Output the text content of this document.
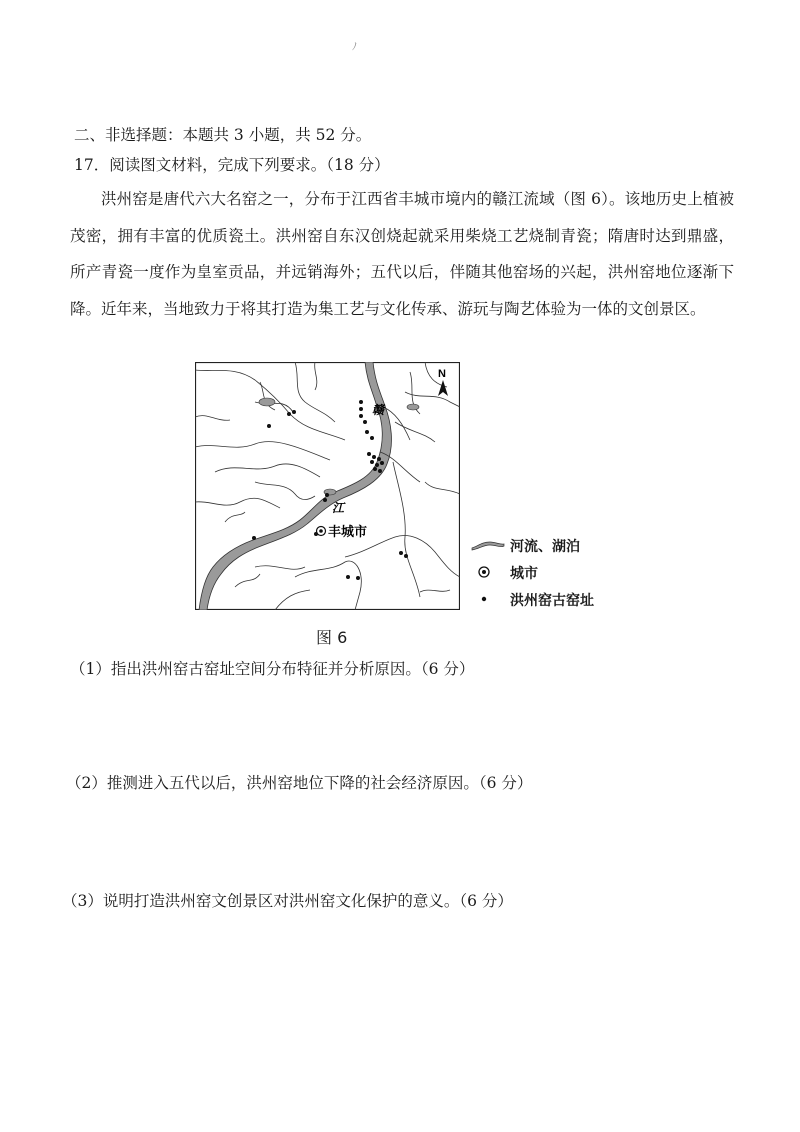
ﾉ
二、非选择题：本题共 3 小题，共 52 分。
17．阅读图文材料，完成下列要求。（18 分）
洪州窑是唐代六大名窑之一，分布于江西省丰城市境内的赣江流域（图 6）。该地历史上植被茂密，拥有丰富的优质瓷土。洪州窑自东汉创烧起就采用柴烧工艺烧制青瓷；隋唐时达到鼎盛，所产青瓷一度作为皇室贡品，并远销海外；五代以后，伴随其他窑场的兴起，洪州窑地位逐渐下降。近年来，当地致力于将其打造为集工艺与文化传承、游玩与陶艺体验为一体的文创景区。
N
赣
江
丰城市
河流、湖泊
城市
洪州窑古窑址
图 6
（1）指出洪州窑古窑址空间分布特征并分析原因。（6 分）
（2）推测进入五代以后，洪州窑地位下降的社会经济原因。（6 分）
（3）说明打造洪州窑文创景区对洪州窑文化保护的意义。（6 分）
